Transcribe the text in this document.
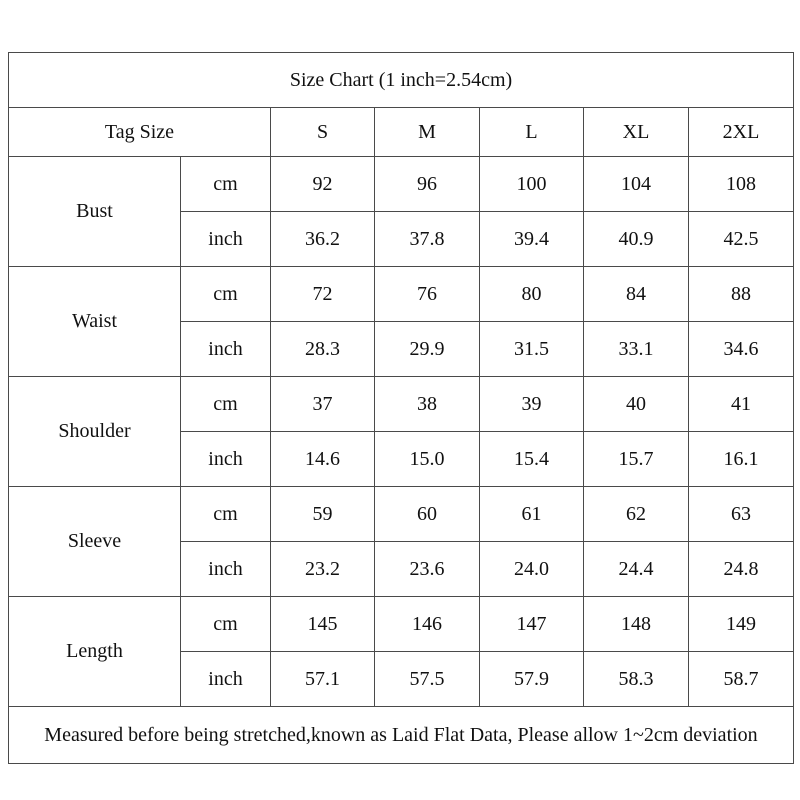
Size Chart (1 inch=2.54cm)						
Tag Size		S	M	L	XL	2XL
Bust	cm	92	96	100	104	108
	inch	36.2	37.8	39.4	40.9	42.5
Waist	cm	72	76	80	84	88
	inch	28.3	29.9	31.5	33.1	34.6
Shoulder	cm	37	38	39	40	41
	inch	14.6	15.0	15.4	15.7	16.1
Sleeve	cm	59	60	61	62	63
	inch	23.2	23.6	24.0	24.4	24.8
Length	cm	145	146	147	148	149
	inch	57.1	57.5	57.9	58.3	58.7
Measured before being stretched,known as Laid Flat Data, Please allow 1~2cm deviation						
